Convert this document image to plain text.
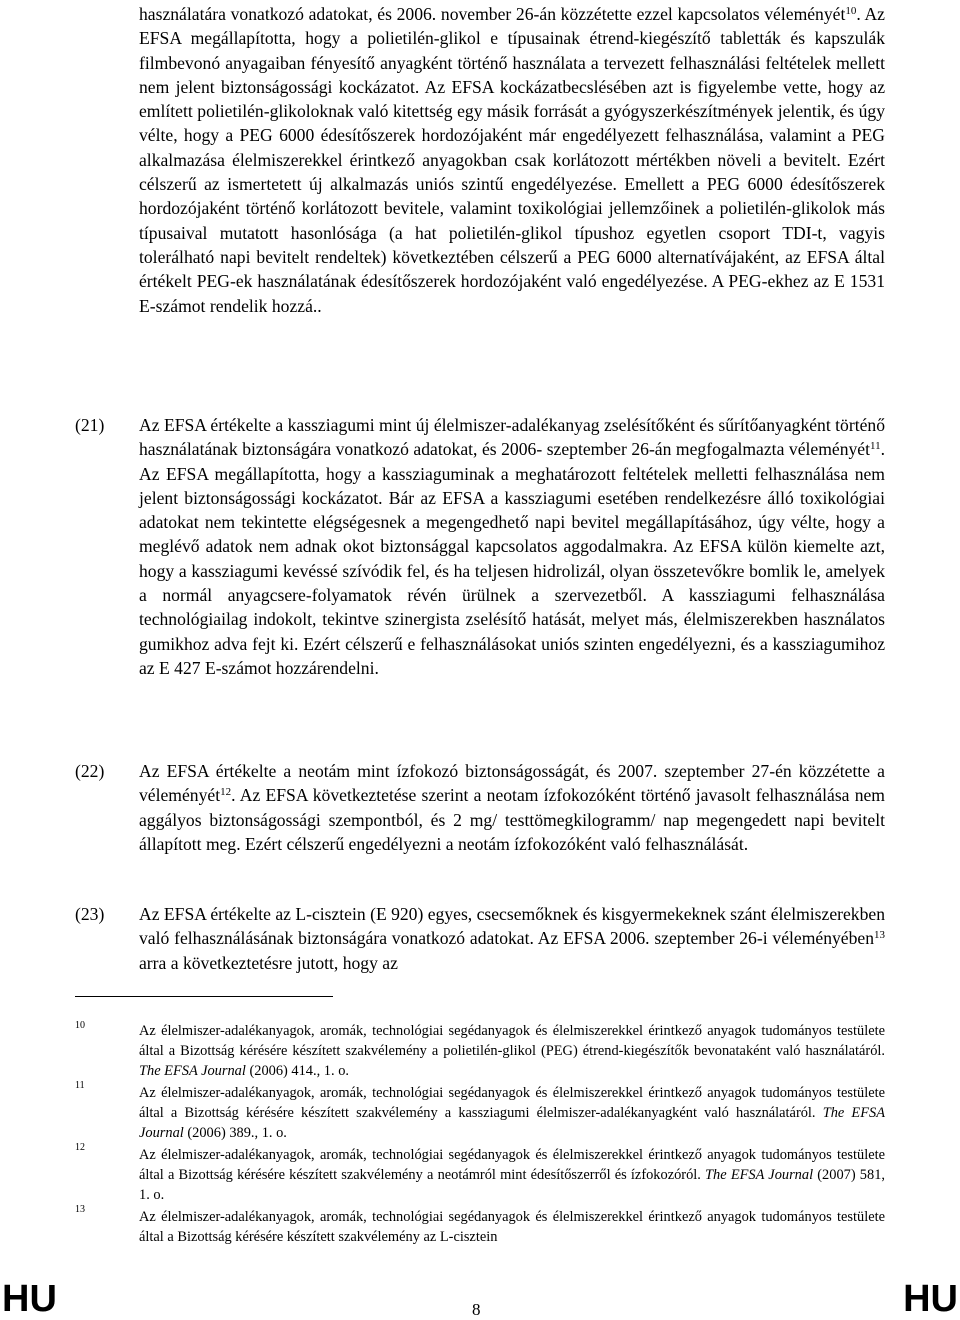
használatára vonatkozó adatokat, és 2006. november 26-án közzétette ezzel kapcsolatos véleményét$^{10}$. Az EFSA megállapította, hogy a polietilén-glikol e típusainak étrend-kiegészítő tabletták és kapszulák filmbevonó anyagaiban fényesítő anyagként történő használata a tervezett felhasználási feltételek mellett nem jelent biztonságossági kockázatot. Az EFSA kockázatbecslésében azt is figyelembe vette, hogy az említett polietilén-glikoloknak való kitettség egy másik forrását a gyógyszerkészítmények jelentik, és úgy vélte, hogy a PEG 6000 édesítőszerek hordozójaként már engedélyezett felhasználása, valamint a PEG alkalmazása élelmiszerekkel érintkező anyagokban csak korlátozott mértékben növeli a bevitelt. Ezért célszerű az ismertetett új alkalmazás uniós szintű engedélyezése. Emellett a PEG 6000 édesítőszerek hordozójaként történő korlátozott bevitele, valamint toxikológiai jellemzőinek a polietilén-glikolok más típusaival mutatott hasonlósága (a hat polietilén-glikol típushoz egyetlen csoport TDI-t, vagyis tolerálható napi bevitelt rendeltek) következtében célszerű a PEG 6000 alternatívájaként, az EFSA által értékelt PEG-ek használatának édesítőszerek hordozójaként való engedélyezése. A PEG-ekhez az E 1531 E-számot rendelik hozzá..

(21) Az EFSA értékelte a kassziagumi mint új élelmiszer-adalékanyag zselésítőként és sűrítőanyagként történő használatának biztonságára vonatkozó adatokat, és 2006- szeptember 26-án megfogalmazta véleményét$^{11}$. Az EFSA megállapította, hogy a kassziaguminak a meghatározott feltételek melletti felhasználása nem jelent biztonságossági kockázatot. Bár az EFSA a kassziagumi esetében rendelkezésre álló toxikológiai adatokat nem tekintette elégségesnek a megengedhető napi bevitel megállapításához, úgy vélte, hogy a meglévő adatok nem adnak okot biztonsággal kapcsolatos aggodalmakra. Az EFSA külön kiemelte azt, hogy a kassziagumi kevéssé szívódik fel, és ha teljesen hidrolizál, olyan összetevőkre bomlik le, amelyek a normál anyagcsere-folyamatok révén ürülnek a szervezetből. A kassziagumi felhasználása technológiailag indokolt, tekintve szinergista zselésítő hatását, melyet más, élelmiszerekben használatos gumikhoz adva fejt ki. Ezért célszerű e felhasználásokat uniós szinten engedélyezni, és a kassziagumihoz az E 427 E-számot hozzárendelni.

(22) Az EFSA értékelte a neotám mint ízfokozó biztonságosságát, és 2007. szeptember 27-én közzétette a véleményét$^{12}$. Az EFSA következtetése szerint a neotam ízfokozóként történő javasolt felhasználása nem aggályos biztonságossági szempontból, és 2 mg/ testtömegkilogramm/ nap megengedett napi bevitelt állapított meg. Ezért célszerű engedélyezni a neotám ízfokozóként való felhasználását.

(23) Az EFSA értékelte az L-cisztein (E 920) egyes, csecsemőknek és kisgyermekeknek szánt élelmiszerekben való felhasználásának biztonságára vonatkozó adatokat. Az EFSA 2006. szeptember 26-i véleményében$^{13}$ arra a következtetésre jutott, hogy az

10	Az élelmiszer-adalékanyagok, aromák, technológiai segédanyagok és élelmiszerekkel érintkező anyagok tudományos testülete által a Bizottság kérésére készített szakvélemény a polietilén-glikol (PEG) étrend-kiegészítők bevonataként való használatáról. The EFSA Journal (2006) 414., 1. o.

11	Az élelmiszer-adalékanyagok, aromák, technológiai segédanyagok és élelmiszerekkel érintkező anyagok tudományos testülete által a Bizottság kérésére készített szakvélemény a kassziagumi élelmiszer-adalékanyagként való használatáról. The EFSA Journal (2006) 389., 1. o.

12	Az élelmiszer-adalékanyagok, aromák, technológiai segédanyagok és élelmiszerekkel érintkező anyagok tudományos testülete által a Bizottság kérésére készített szakvélemény a neotámról mint édesítőszerről és ízfokozóról. The EFSA Journal (2007) 581, 1. o.

13	Az élelmiszer-adalékanyagok, aromák, technológiai segédanyagok és élelmiszerekkel érintkező anyagok tudományos testülete által a Bizottság kérésére készített szakvélemény az L-cisztein

HU	8	HU
